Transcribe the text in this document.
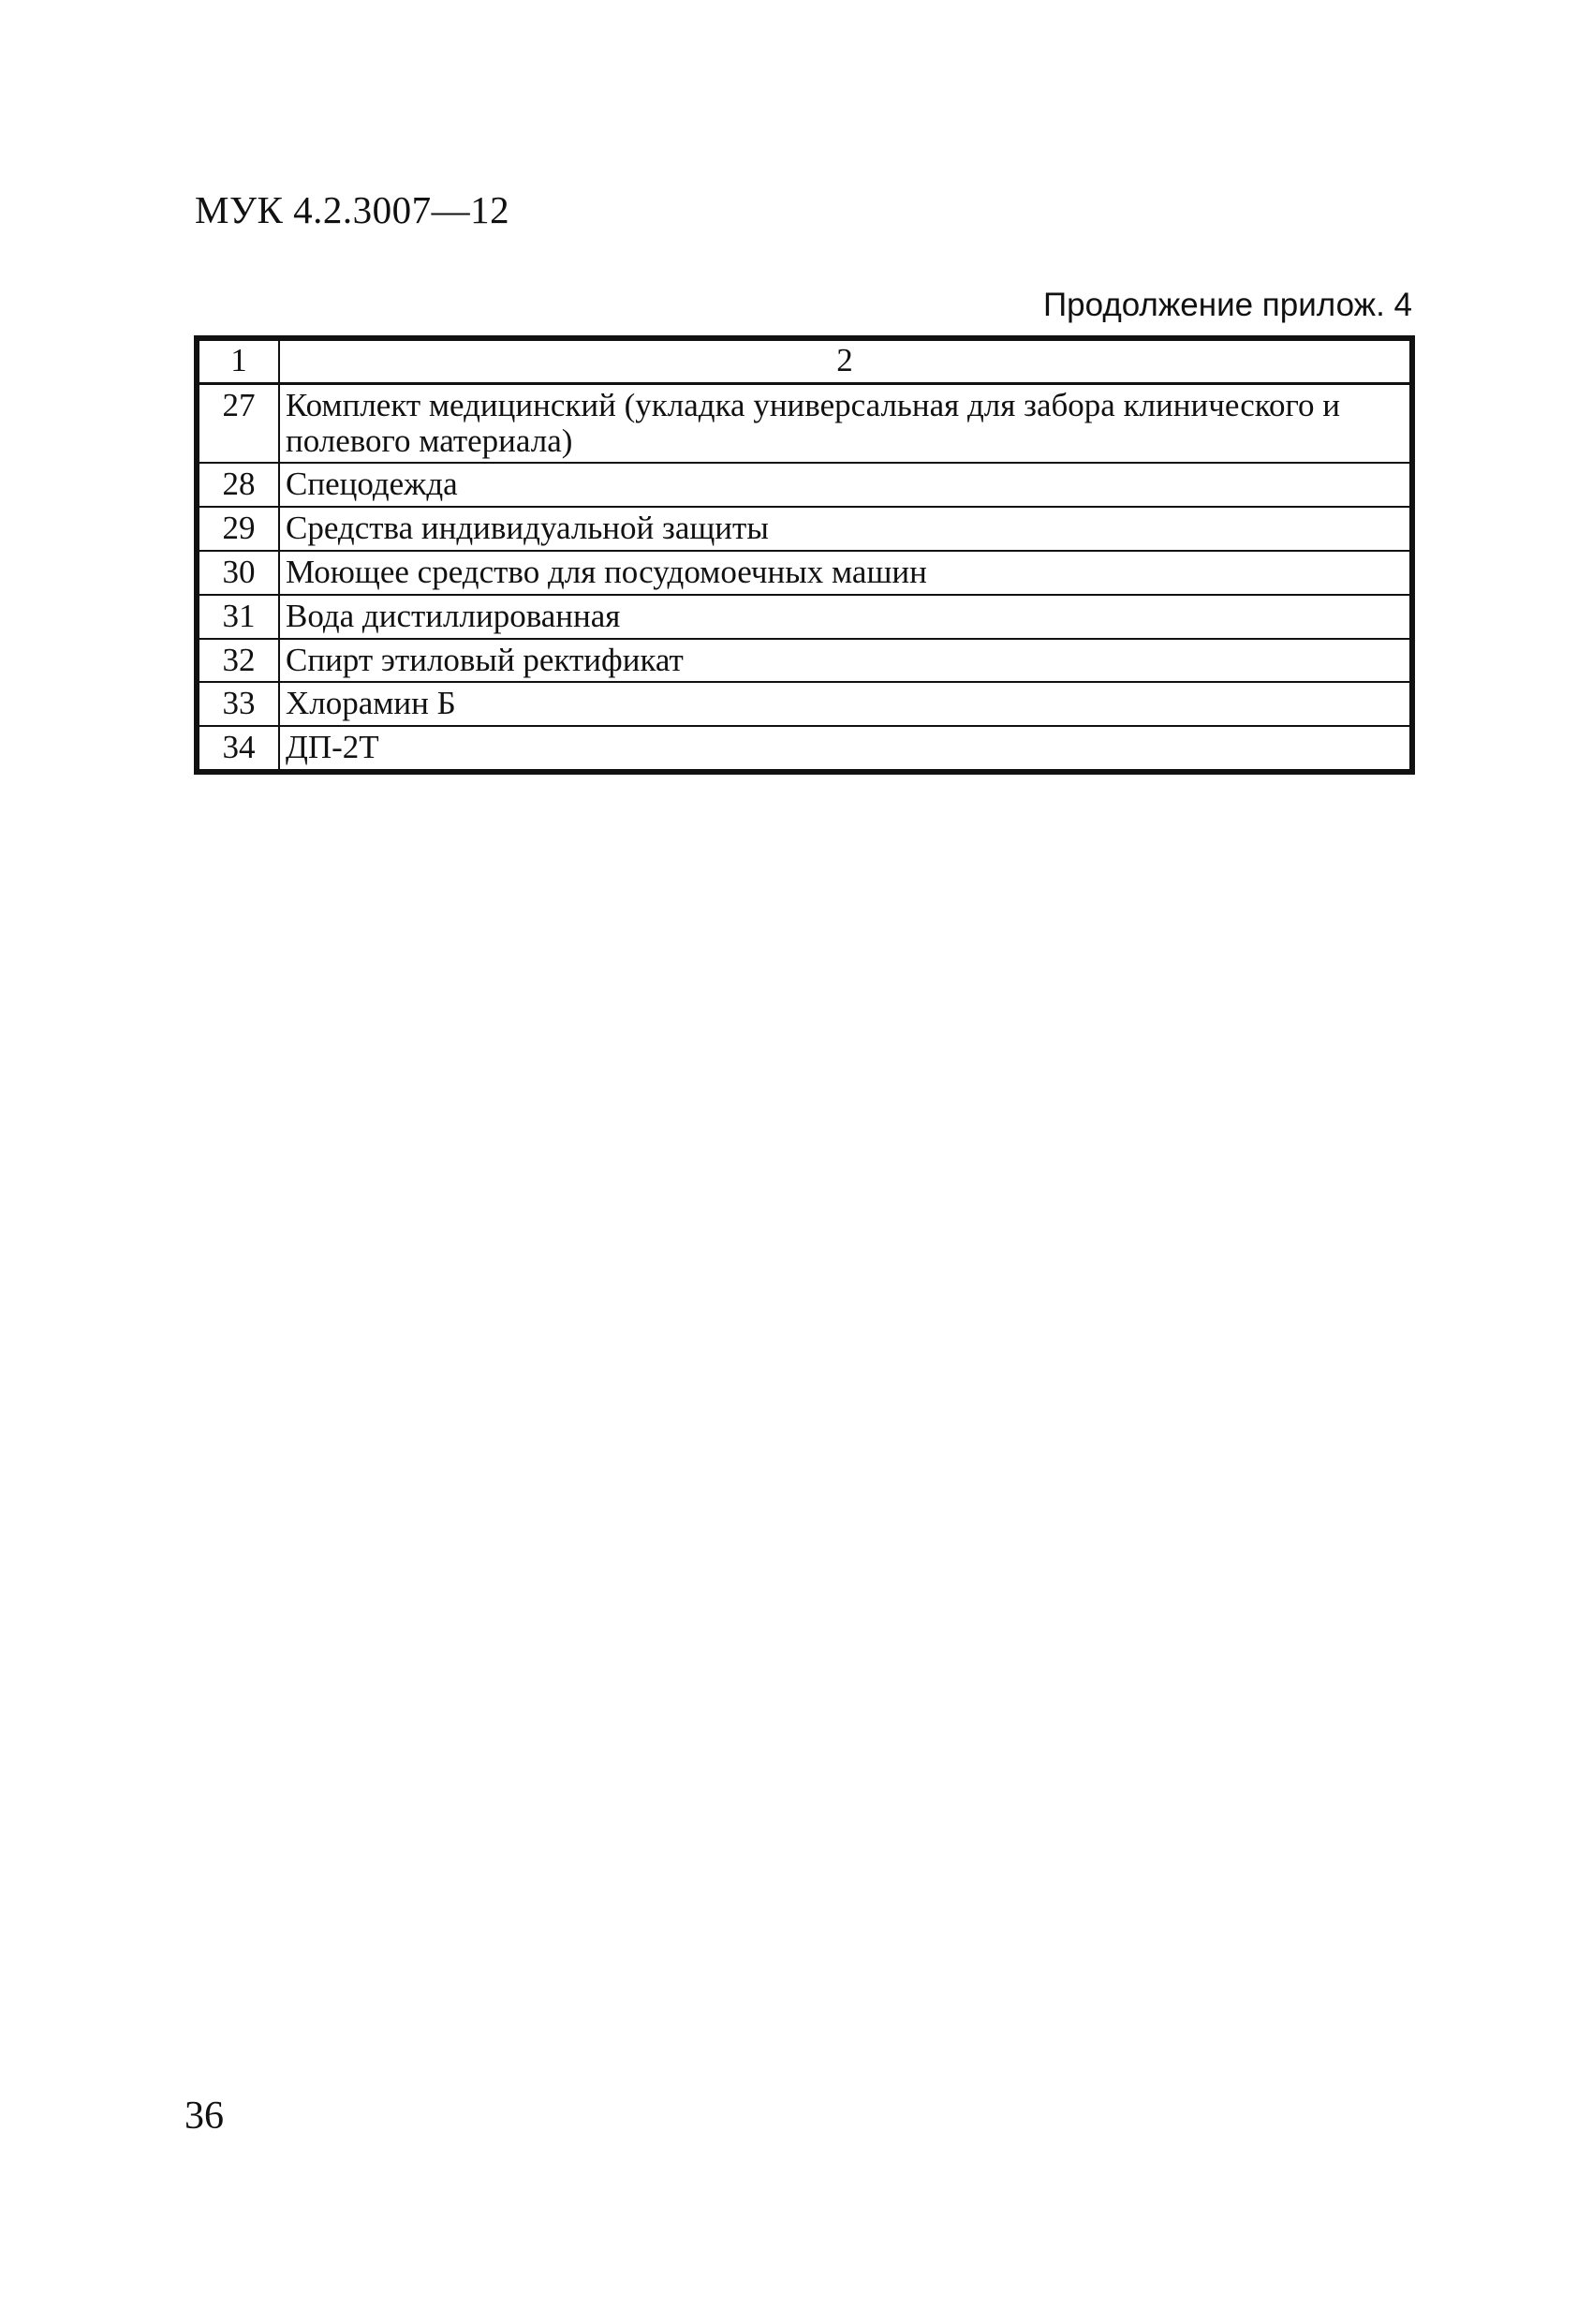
МУК 4.2.3007—12
Продолжение прилож. 4
1	2
27	Комплект медицинский (укладка универсальная для забора клинического и полевого материала)
28	Спецодежда
29	Средства индивидуальной защиты
30	Моющее средство для посудомоечных машин
31	Вода дистиллированная
32	Спирт этиловый ректификат
33	Хлорамин Б
34	ДП-2Т
36
